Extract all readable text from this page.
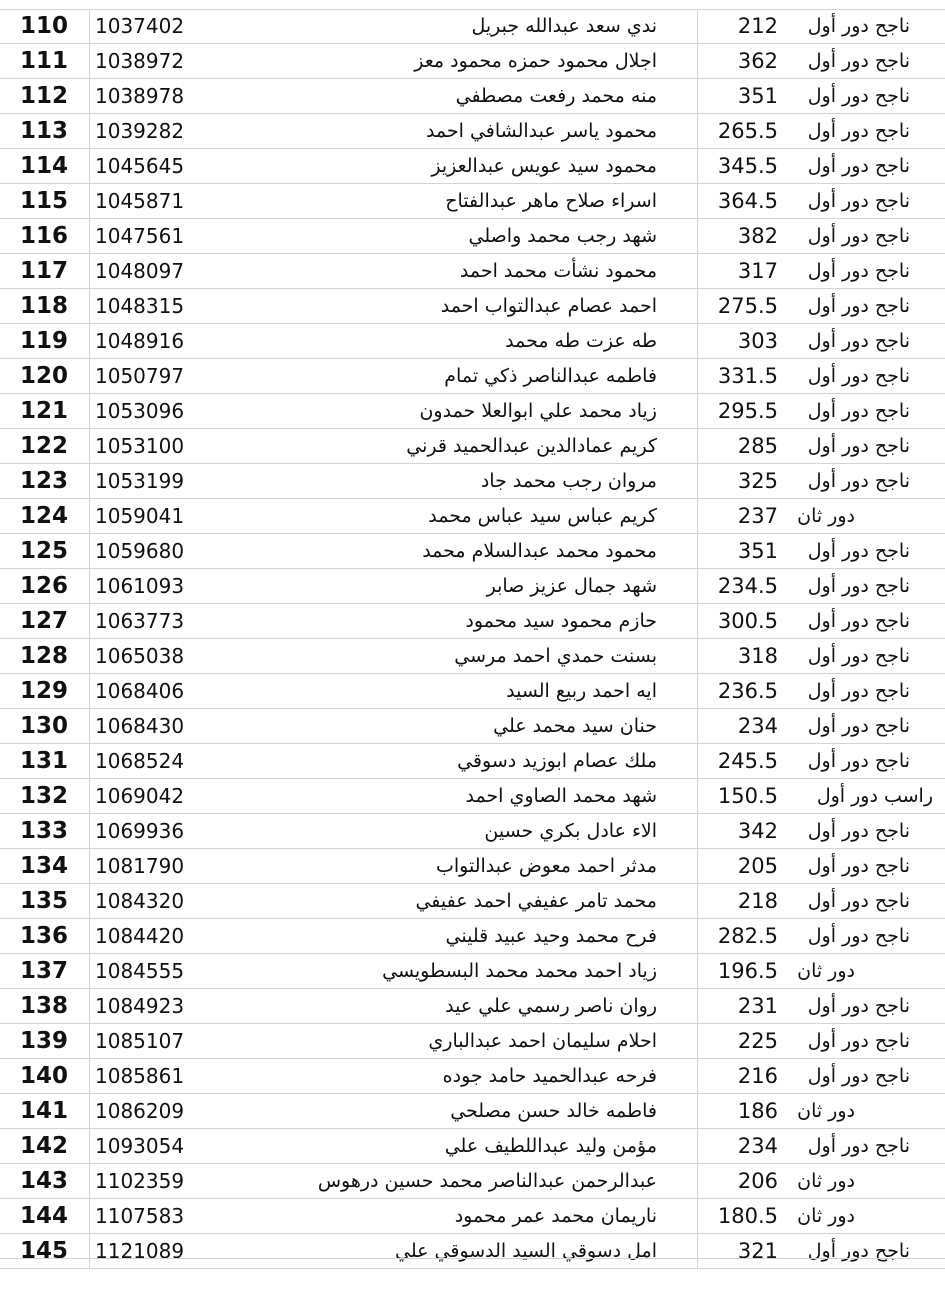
110	1037402	ندي سعد عبدالله جبريل	212	ناجح دور أول
111	1038972	اجلال محمود حمزه محمود معز	362	ناجح دور أول
112	1038978	منه محمد رفعت مصطفي	351	ناجح دور أول
113	1039282	محمود ياسر عبدالشافي احمد	265.5	ناجح دور أول
114	1045645	محمود سيد عويس عبدالعزيز	345.5	ناجح دور أول
115	1045871	اسراء صلاح ماهر عبدالفتاح	364.5	ناجح دور أول
116	1047561	شهد رجب محمد واصلي	382	ناجح دور أول
117	1048097	محمود نشأت محمد احمد	317	ناجح دور أول
118	1048315	احمد عصام عبدالتواب احمد	275.5	ناجح دور أول
119	1048916	طه عزت طه محمد	303	ناجح دور أول
120	1050797	فاطمه عبدالناصر ذكي تمام	331.5	ناجح دور أول
121	1053096	زياد محمد علي ابوالعلا حمدون	295.5	ناجح دور أول
122	1053100	كريم عمادالدين عبدالحميد قرني	285	ناجح دور أول
123	1053199	مروان رجب محمد جاد	325	ناجح دور أول
124	1059041	كريم عباس سيد عباس محمد	237	دور ثان
125	1059680	محمود محمد عبدالسلام محمد	351	ناجح دور أول
126	1061093	شهد جمال عزيز صابر	234.5	ناجح دور أول
127	1063773	حازم محمود سيد محمود	300.5	ناجح دور أول
128	1065038	بسنت حمدي احمد مرسي	318	ناجح دور أول
129	1068406	ايه احمد ربيع السيد	236.5	ناجح دور أول
130	1068430	حنان سيد محمد علي	234	ناجح دور أول
131	1068524	ملك عصام ابوزيد دسوقي	245.5	ناجح دور أول
132	1069042	شهد محمد الصاوي احمد	150.5	راسب دور أول
133	1069936	الاء عادل بكري حسين	342	ناجح دور أول
134	1081790	مدثر احمد معوض عبدالتواب	205	ناجح دور أول
135	1084320	محمد تامر عفيفي احمد عفيفي	218	ناجح دور أول
136	1084420	فرح محمد وحيد عبيد قليني	282.5	ناجح دور أول
137	1084555	زياد احمد محمد محمد البسطويسي	196.5	دور ثان
138	1084923	روان ناصر رسمي علي عيد	231	ناجح دور أول
139	1085107	احلام سليمان احمد عبدالباري	225	ناجح دور أول
140	1085861	فرحه عبدالحميد حامد جوده	216	ناجح دور أول
141	1086209	فاطمه خالد حسن مصلحي	186	دور ثان
142	1093054	مؤمن وليد عبداللطيف علي	234	ناجح دور أول
143	1102359	عبدالرحمن عبدالناصر محمد حسين درهوس	206	دور ثان
144	1107583	ناريمان محمد عمر محمود	180.5	دور ثان
145	1121089	امل دسوقي السيد الدسوقي علي	321	ناجح دور أول
